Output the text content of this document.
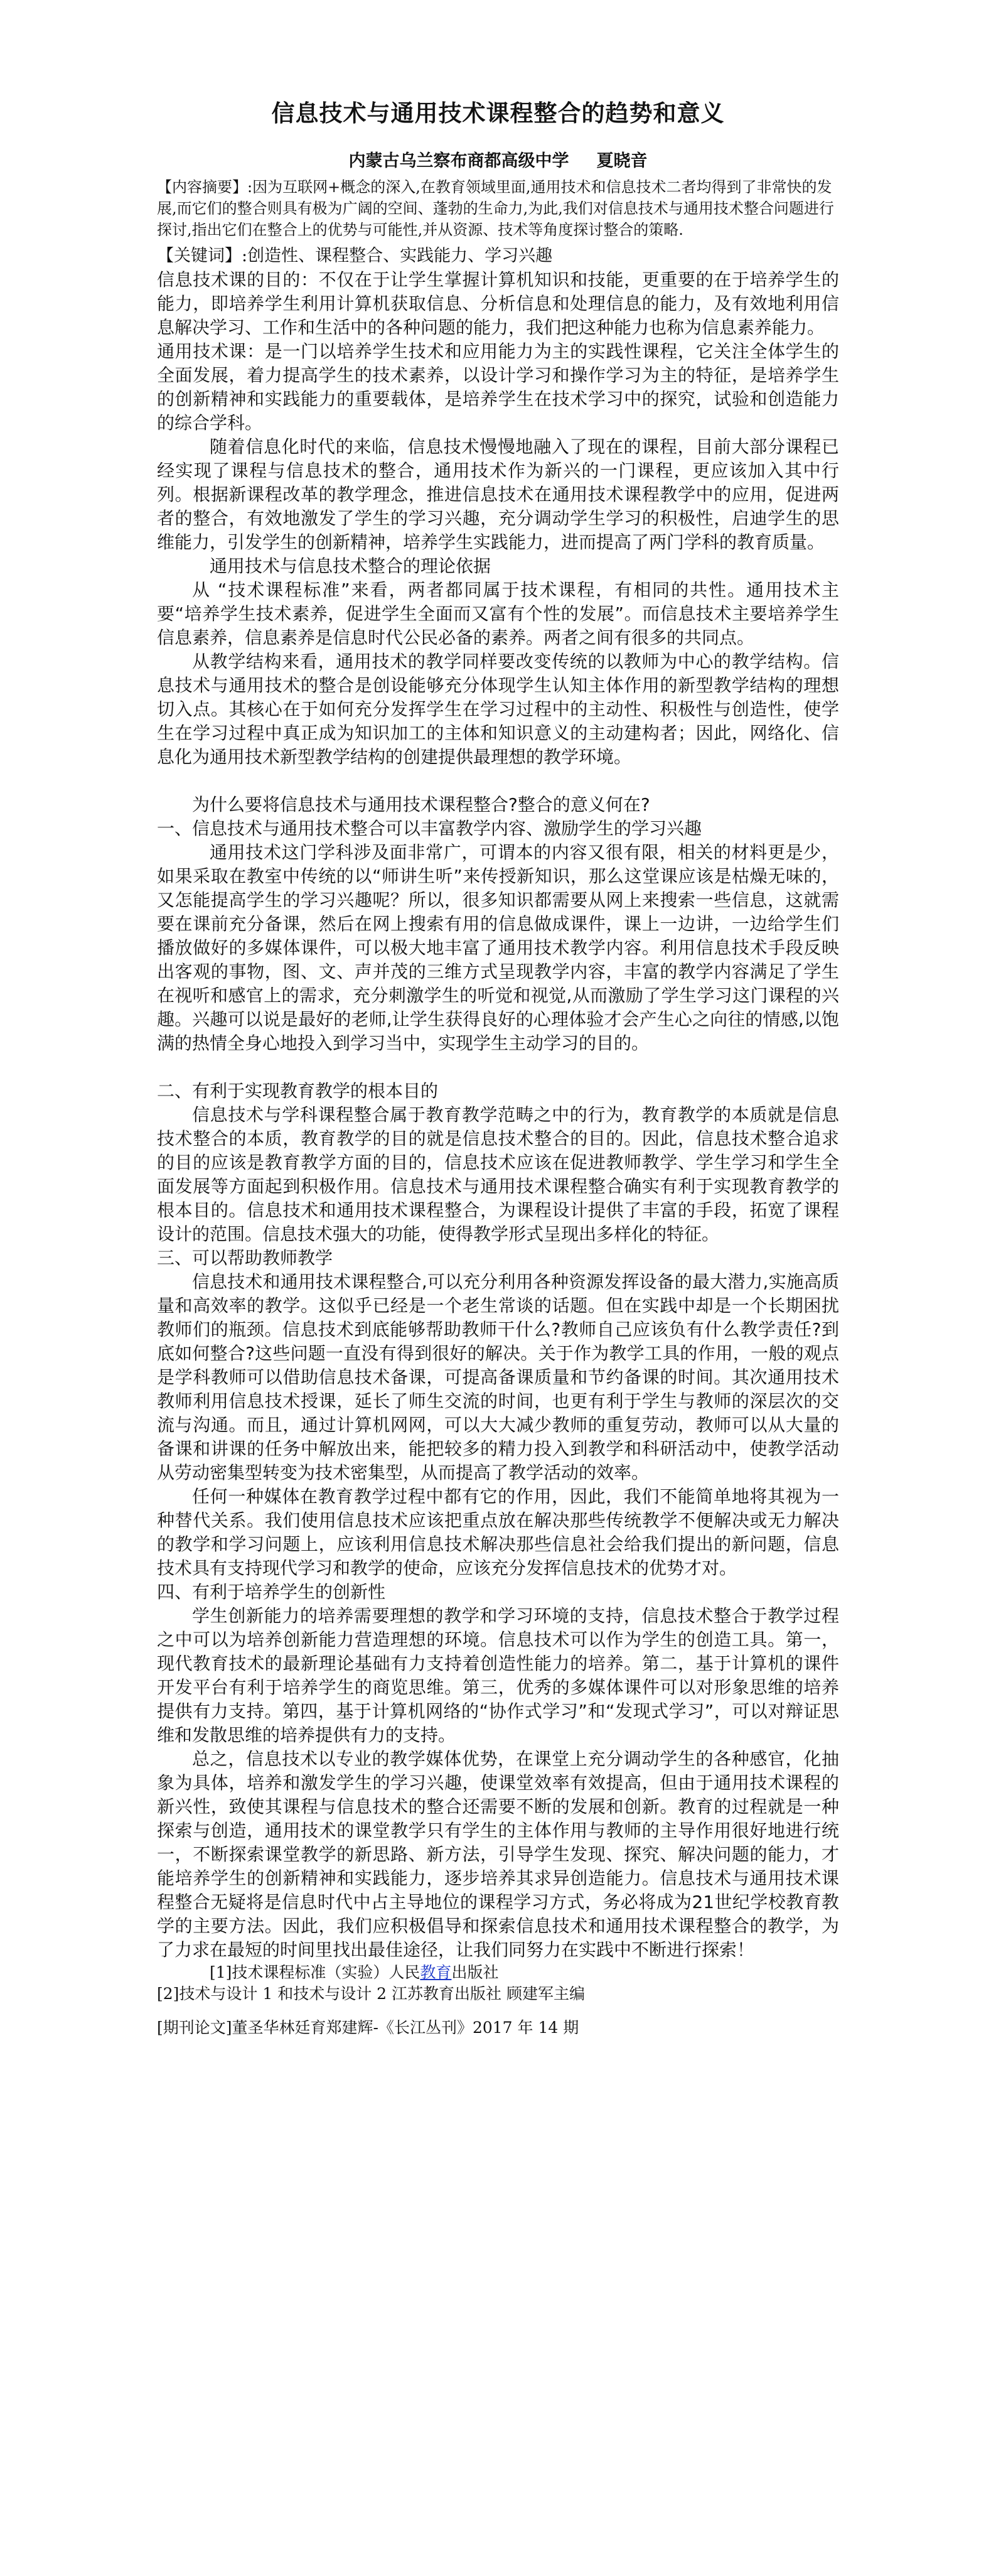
信息技术与通用技术课程整合的趋势和意义

内蒙古乌兰察布商都高级中学 夏晓音

【内容摘要】:因为互联网+概念的深入,在教育领域里面,通用技术和信息技术二者均得到了非常快的发展,而它们的整合则具有极为广阔的空间、蓬勃的生命力,为此,我们对信息技术与通用技术整合问题进行探讨,指出它们在整合上的优势与可能性,并从资源、技术等角度探讨整合的策略.

【关键词】:创造性、课程整合、实践能力、学习兴趣

信息技术课的目的：不仅在于让学生掌握计算机知识和技能，更重要的在于培养学生的能力，即培养学生利用计算机获取信息、分析信息和处理信息的能力，及有效地利用信息解决学习、工作和生活中的各种问题的能力，我们把这种能力也称为信息素养能力。

通用技术课：是一门以培养学生技术和应用能力为主的实践性课程，它关注全体学生的全面发展，着力提高学生的技术素养，以设计学习和操作学习为主的特征，是培养学生的创新精神和实践能力的重要载体，是培养学生在技术学习中的探究，试验和创造能力的综合学科。

随着信息化时代的来临，信息技术慢慢地融入了现在的课程，目前大部分课程已经实现了课程与信息技术的整合，通用技术作为新兴的一门课程，更应该加入其中行列。根据新课程改革的教学理念，推进信息技术在通用技术课程教学中的应用，促进两者的整合，有效地激发了学生的学习兴趣，充分调动学生学习的积极性，启迪学生的思维能力，引发学生的创新精神，培养学生实践能力，进而提高了两门学科的教育质量。

通用技术与信息技术整合的理论依据

从 “技术课程标准”来看，两者都同属于技术课程，有相同的共性。通用技术主要“培养学生技术素养，促进学生全面而又富有个性的发展”。而信息技术主要培养学生信息素养，信息素养是信息时代公民必备的素养。两者之间有很多的共同点。

从教学结构来看，通用技术的教学同样要改变传统的以教师为中心的教学结构。信息技术与通用技术的整合是创设能够充分体现学生认知主体作用的新型教学结构的理想切入点。其核心在于如何充分发挥学生在学习过程中的主动性、积极性与创造性，使学生在学习过程中真正成为知识加工的主体和知识意义的主动建构者；因此，网络化、信息化为通用技术新型教学结构的创建提供最理想的教学环境。

为什么要将信息技术与通用技术课程整合?整合的意义何在?

一、信息技术与通用技术整合可以丰富教学内容、激励学生的学习兴趣

通用技术这门学科涉及面非常广，可谓本的内容又很有限，相关的材料更是少，如果采取在教室中传统的以“师讲生听”来传授新知识，那么这堂课应该是枯燥无味的，又怎能提高学生的学习兴趣呢？所以，很多知识都需要从网上来搜索一些信息，这就需要在课前充分备课，然后在网上搜索有用的信息做成课件，课上一边讲，一边给学生们播放做好的多媒体课件，可以极大地丰富了通用技术教学内容。利用信息技术手段反映出客观的事物，图、文、声并茂的三维方式呈现教学内容，丰富的教学内容满足了学生在视听和感官上的需求，充分刺激学生的听觉和视觉,从而激励了学生学习这门课程的兴趣。兴趣可以说是最好的老师,让学生获得良好的心理体验才会产生心之向往的情感,以饱满的热情全身心地投入到学习当中，实现学生主动学习的目的。

二、有利于实现教育教学的根本目的

信息技术与学科课程整合属于教育教学范畴之中的行为，教育教学的本质就是信息技术整合的本质，教育教学的目的就是信息技术整合的目的。因此，信息技术整合追求的目的应该是教育教学方面的目的，信息技术应该在促进教师教学、学生学习和学生全面发展等方面起到积极作用。信息技术与通用技术课程整合确实有利于实现教育教学的根本目的。信息技术和通用技术课程整合，为课程设计提供了丰富的手段，拓宽了课程设计的范围。信息技术强大的功能，使得教学形式呈现出多样化的特征。

三、可以帮助教师教学

信息技术和通用技术课程整合,可以充分利用各种资源发挥设备的最大潜力,实施高质量和高效率的教学。这似乎已经是一个老生常谈的话题。但在实践中却是一个长期困扰教师们的瓶颈。信息技术到底能够帮助教师干什么?教师自己应该负有什么教学责任?到底如何整合?这些问题一直没有得到很好的解决。关于作为教学工具的作用，一般的观点是学科教师可以借助信息技术备课，可提高备课质量和节约备课的时间。其次通用技术教师利用信息技术授课，延长了师生交流的时间，也更有利于学生与教师的深层次的交流与沟通。而且，通过计算机网网，可以大大减少教师的重复劳动，教师可以从大量的备课和讲课的任务中解放出来，能把较多的精力投入到教学和科研活动中，使教学活动从劳动密集型转变为技术密集型，从而提高了教学活动的效率。

任何一种媒体在教育教学过程中都有它的作用，因此，我们不能简单地将其视为一种替代关系。我们使用信息技术应该把重点放在解决那些传统教学不便解决或无力解决的教学和学习问题上，应该利用信息技术解决那些信息社会给我们提出的新问题，信息技术具有支持现代学习和教学的使命，应该充分发挥信息技术的优势才对。

四、有利于培养学生的创新性

学生创新能力的培养需要理想的教学和学习环境的支持，信息技术整合于教学过程之中可以为培养创新能力营造理想的环境。信息技术可以作为学生的创造工具。第一，现代教育技术的最新理论基础有力支持着创造性能力的培养。第二，基于计算机的课件开发平台有利于培养学生的商览思维。第三，优秀的多媒体课件可以对形象思维的培养提供有力支持。第四，基于计算机网络的“协作式学习”和“发现式学习”，可以对辩证思维和发散思维的培养提供有力的支持。

总之，信息技术以专业的教学媒体优势，在课堂上充分调动学生的各种感官，化抽象为具体，培养和激发学生的学习兴趣，使课堂效率有效提高，但由于通用技术课程的新兴性，致使其课程与信息技术的整合还需要不断的发展和创新。教育的过程就是一种探索与创造，通用技术的课堂教学只有学生的主体作用与教师的主导作用很好地进行统一，不断探索课堂教学的新思路、新方法，引导学生发现、探究、解决问题的能力，才能培养学生的创新精神和实践能力，逐步培养其求异创造能力。信息技术与通用技术课程整合无疑将是信息时代中占主导地位的课程学习方式，务必将成为21世纪学校教育教学的主要方法。因此，我们应积极倡导和探索信息技术和通用技术课程整合的教学，为了力求在最短的时间里找出最佳途径，让我们同努力在实践中不断进行探索！

[1]技术课程标准（实验）人民教育出版社

[2]技术与设计 1 和技术与设计 2 江苏教育出版社 顾建军主编

[期刊论文]董圣华林廷育郑建辉-《长江丛刊》2017 年 14 期
